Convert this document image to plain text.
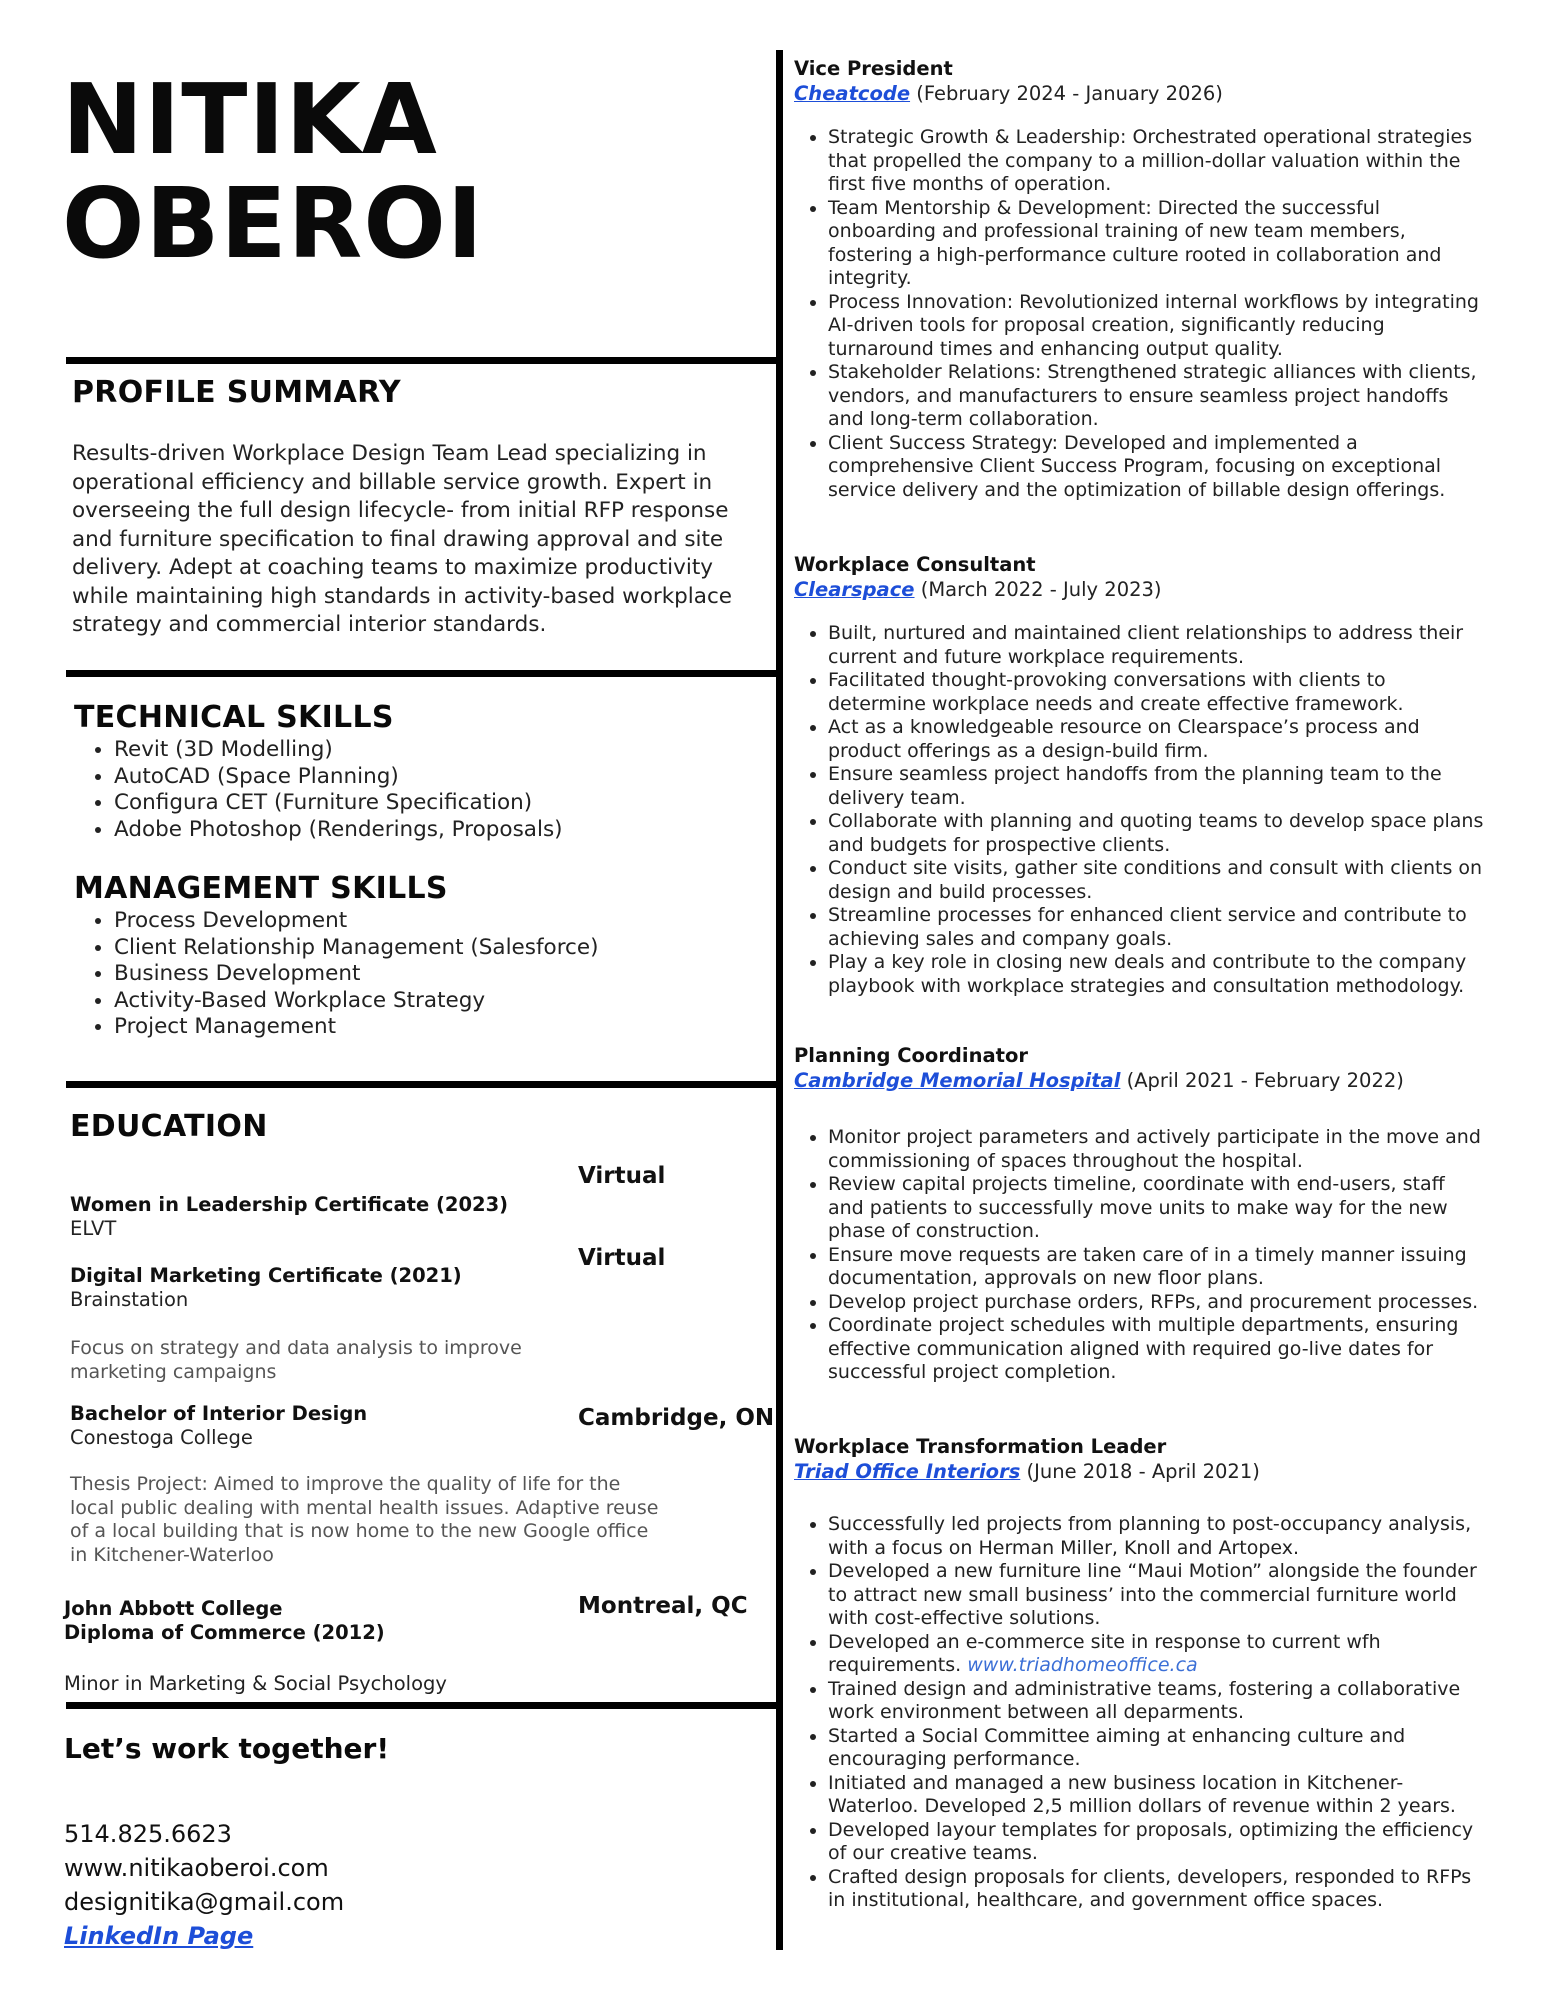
NITIKA
OBEROI
PROFILE SUMMARY
Results-driven Workplace Design Team Lead specializing in operational efficiency and billable service growth. Expert in overseeing the full design lifecycle- from initial RFP response and furniture specification to final drawing approval and site delivery. Adept at coaching teams to maximize productivity while maintaining high standards in activity-based workplace strategy and commercial interior standards.
TECHNICAL SKILLS
• Revit (3D Modelling)
• AutoCAD (Space Planning)
• Configura CET (Furniture Specification)
• Adobe Photoshop (Renderings, Proposals)
MANAGEMENT SKILLS
• Process Development
• Client Relationship Management (Salesforce)
• Business Development
• Activity-Based Workplace Strategy
• Project Management
EDUCATION
Virtual
Women in Leadership Certificate (2023)
ELVT
Virtual
Digital Marketing Certificate (2021)
Brainstation
Focus on strategy and data analysis to improve marketing campaigns
Cambridge, ON
Bachelor of Interior Design
Conestoga College
Thesis Project: Aimed to improve the quality of life for the local public dealing with mental health issues. Adaptive reuse of a local building that is now home to the new Google office in Kitchener-Waterloo
Montreal, QC
John Abbott College
Diploma of Commerce (2012)
Minor in Marketing & Social Psychology
Let’s work together!
514.825.6623
www.nitikaoberoi.com
designitika@gmail.com
LinkedIn Page
Vice President
Cheatcode (February 2024 - January 2026)
• Strategic Growth & Leadership: Orchestrated operational strategies that propelled the company to a million-dollar valuation within the first five months of operation.
• Team Mentorship & Development: Directed the successful onboarding and professional training of new team members, fostering a high-performance culture rooted in collaboration and integrity.
• Process Innovation: Revolutionized internal workflows by integrating AI-driven tools for proposal creation, significantly reducing turnaround times and enhancing output quality.
• Stakeholder Relations: Strengthened strategic alliances with clients, vendors, and manufacturers to ensure seamless project handoffs and long-term collaboration.
• Client Success Strategy: Developed and implemented a comprehensive Client Success Program, focusing on exceptional service delivery and the optimization of billable design offerings.
Workplace Consultant
Clearspace (March 2022 - July 2023)
• Built, nurtured and maintained client relationships to address their current and future workplace requirements.
• Facilitated thought-provoking conversations with clients to determine workplace needs and create effective framework.
• Act as a knowledgeable resource on Clearspace’s process and product offerings as a design-build firm.
• Ensure seamless project handoffs from the planning team to the delivery team.
• Collaborate with planning and quoting teams to develop space plans and budgets for prospective clients.
• Conduct site visits, gather site conditions and consult with clients on design and build processes.
• Streamline processes for enhanced client service and contribute to achieving sales and company goals.
• Play a key role in closing new deals and contribute to the company playbook with workplace strategies and consultation methodology.
Planning Coordinator
Cambridge Memorial Hospital (April 2021 - February 2022)
• Monitor project parameters and actively participate in the move and commissioning of spaces throughout the hospital.
• Review capital projects timeline, coordinate with end-users, staff and patients to successfully move units to make way for the new phase of construction.
• Ensure move requests are taken care of in a timely manner issuing documentation, approvals on new floor plans.
• Develop project purchase orders, RFPs, and procurement processes.
• Coordinate project schedules with multiple departments, ensuring effective communication aligned with required go-live dates for successful project completion.
Workplace Transformation Leader
Triad Office Interiors (June 2018 - April 2021)
• Successfully led projects from planning to post-occupancy analysis, with a focus on Herman Miller, Knoll and Artopex.
• Developed a new furniture line “Maui Motion” alongside the founder to attract new small business’ into the commercial furniture world with cost-effective solutions.
• Developed an e-commerce site in response to current wfh requirements. www.triadhomeoffice.ca
• Trained design and administrative teams, fostering a collaborative work environment between all deparments.
• Started a Social Committee aiming at enhancing culture and encouraging performance.
• Initiated and managed a new business location in Kitchener-Waterloo. Developed 2,5 million dollars of revenue within 2 years.
• Developed layour templates for proposals, optimizing the efficiency of our creative teams.
• Crafted design proposals for clients, developers, responded to RFPs in institutional, healthcare, and government office spaces.
